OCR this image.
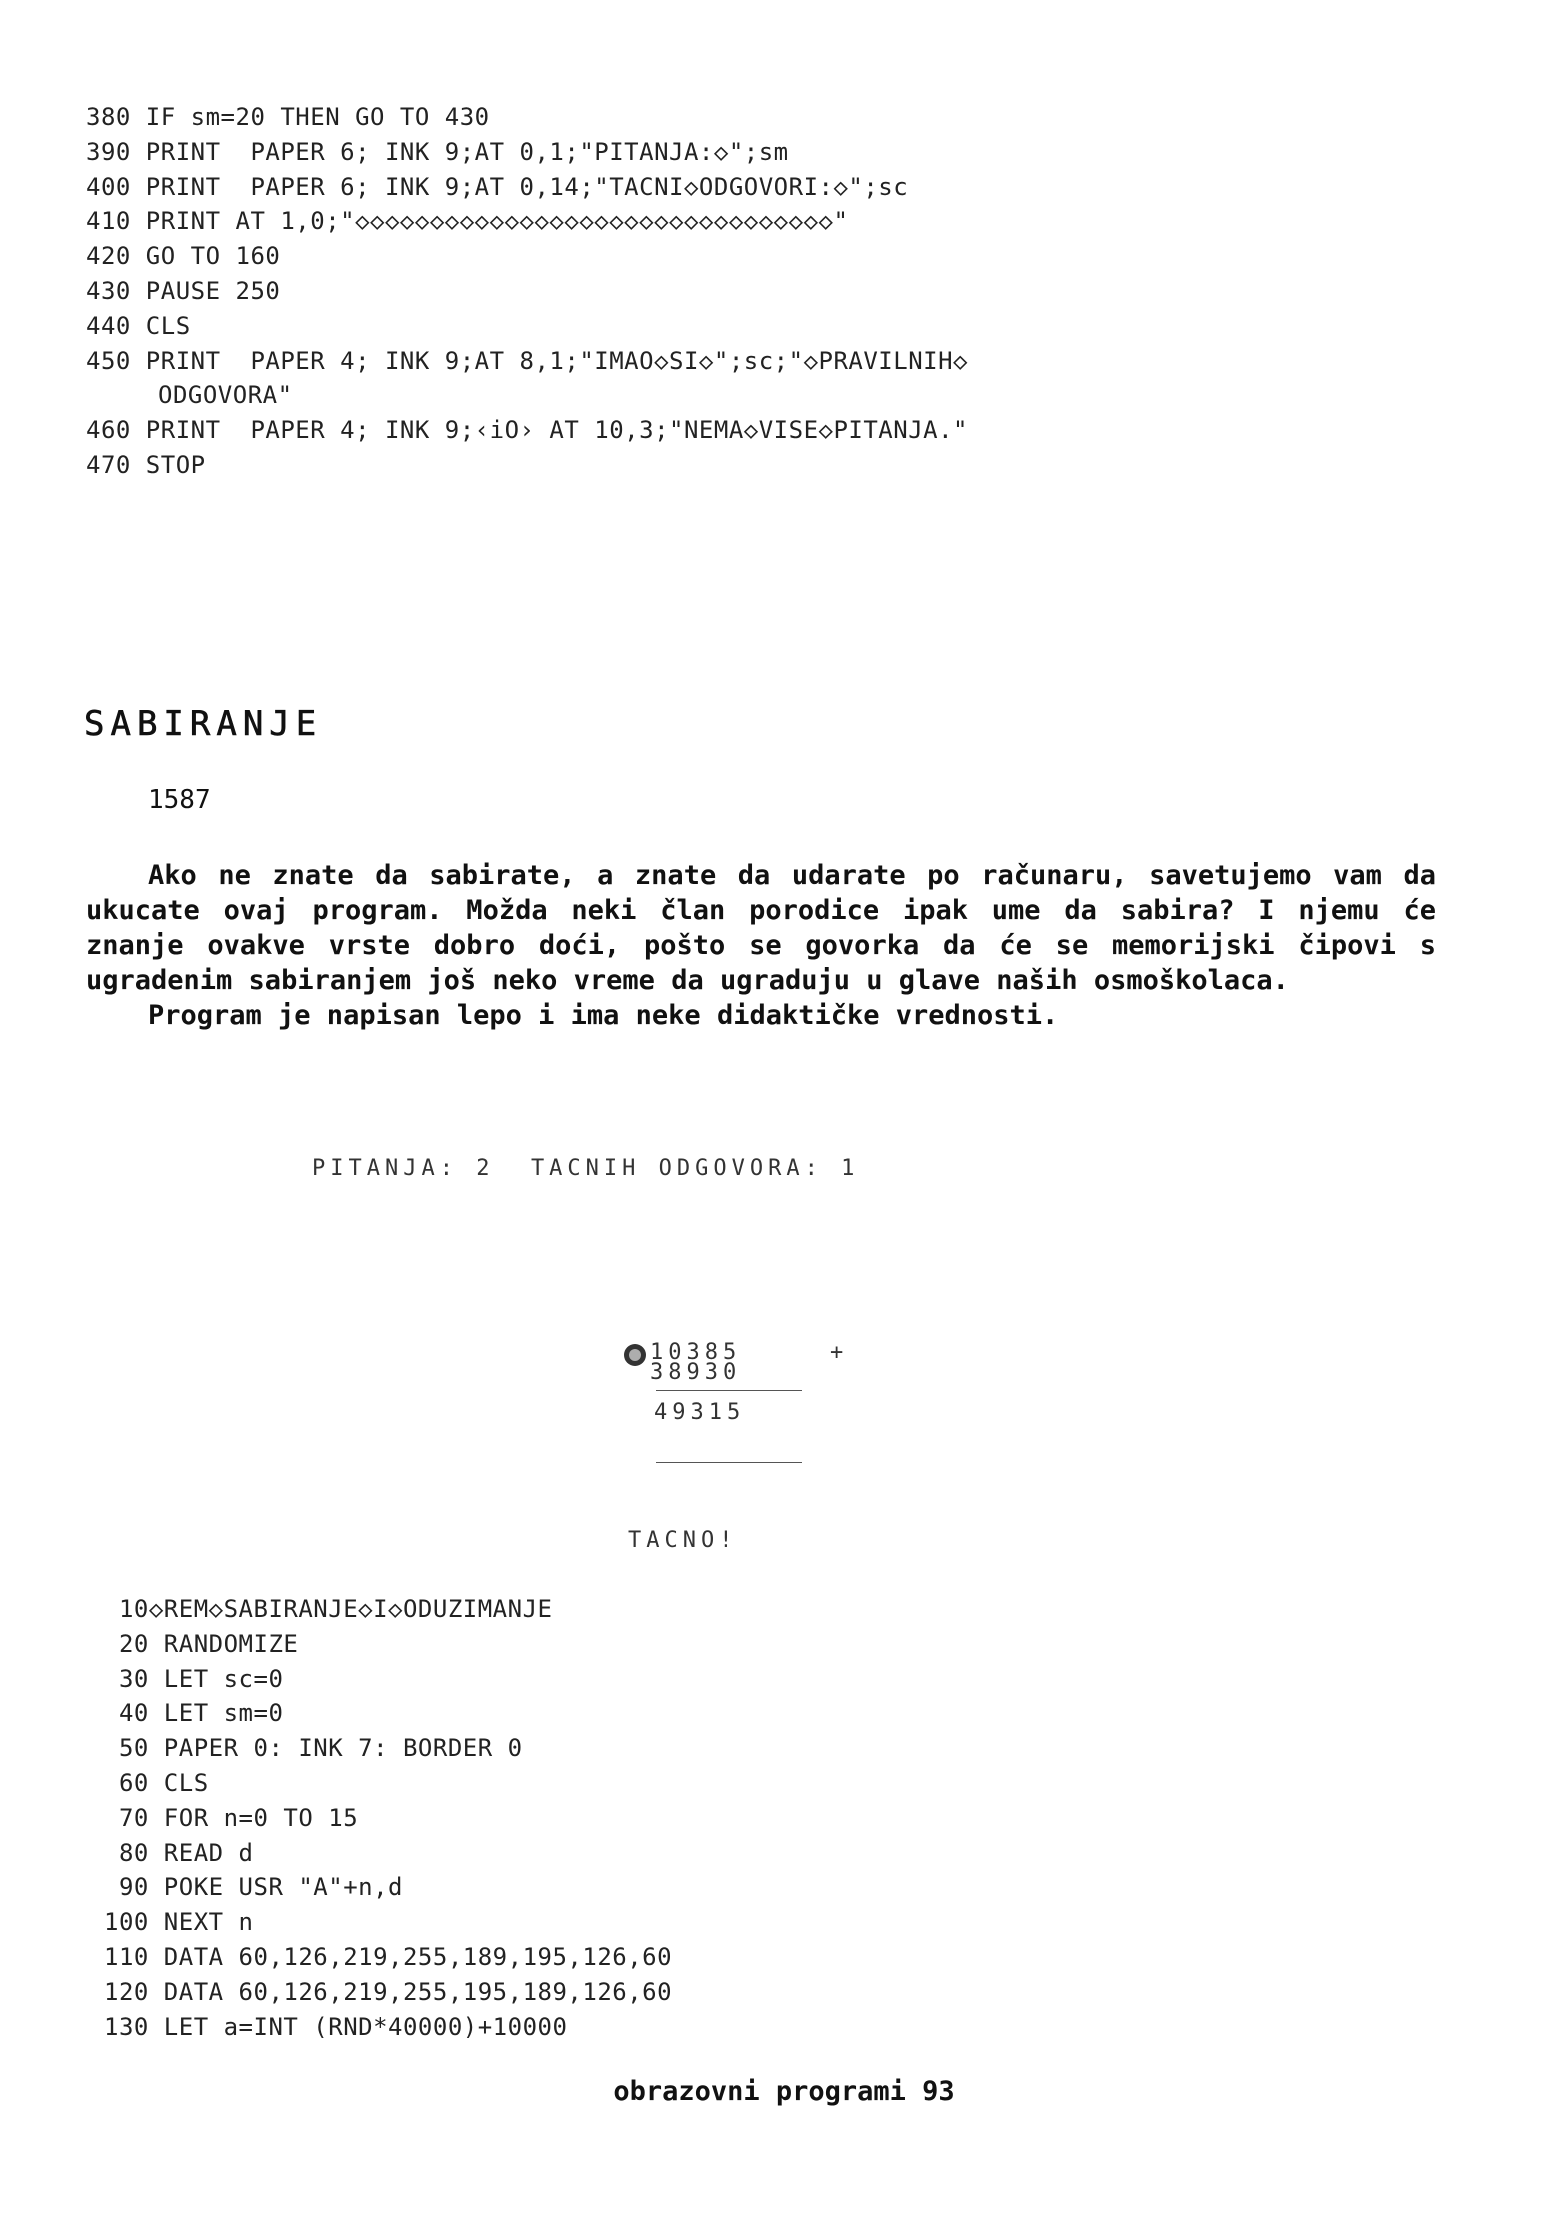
380 IF sm=20 THEN GO TO 430
390 PRINT  PAPER 6; INK 9;AT 0,1;"PITANJA:◇";sm
400 PRINT  PAPER 6; INK 9;AT 0,14;"TACNI◇ODGOVORI:◇";sc
410 PRINT AT 1,0;"◇◇◇◇◇◇◇◇◇◇◇◇◇◇◇◇◇◇◇◇◇◇◇◇◇◇◇◇◇◇◇◇"
420 GO TO 160
430 PAUSE 250
440 CLS
450 PRINT  PAPER 4; INK 9;AT 8,1;"IMAO◇SI◇";sc;"◇PRAVILNIH◇
ODGOVORA"
460 PRINT  PAPER 4; INK 9;‹iO› AT 10,3;"NEMA◇VISE◇PITANJA."
470 STOP
SABIRANJE
1587

Ako ne znate da sabirate, a znate da udarate po računaru, savetujemo vam da ukucate ovaj program. Možda neki član porodice ipak ume da sabira? I njemu će znanje ovakve vrste dobro doći, pošto se govorka da će se memorijski čipovi s ugradenim sabiranjem još neko vreme da ugraduju u glave naših osmoškolaca.

Program je napisan lepo i ima neke didaktičke vrednosti.

PITANJA: 2  TACNIH ODGOVORA: 1
10385	+
38930
49315
TACNO!
10◇REM◇SABIRANJE◇I◇ODUZIMANJE
20 RANDOMIZE
30 LET sc=0
40 LET sm=0
50 PAPER 0: INK 7: BORDER 0
60 CLS
70 FOR n=0 TO 15
80 READ d
90 POKE USR "A"+n,d
100 NEXT n
110 DATA 60,126,219,255,189,195,126,60
120 DATA 60,126,219,255,195,189,126,60
130 LET a=INT (RND*40000)+10000
obrazovni programi 93
